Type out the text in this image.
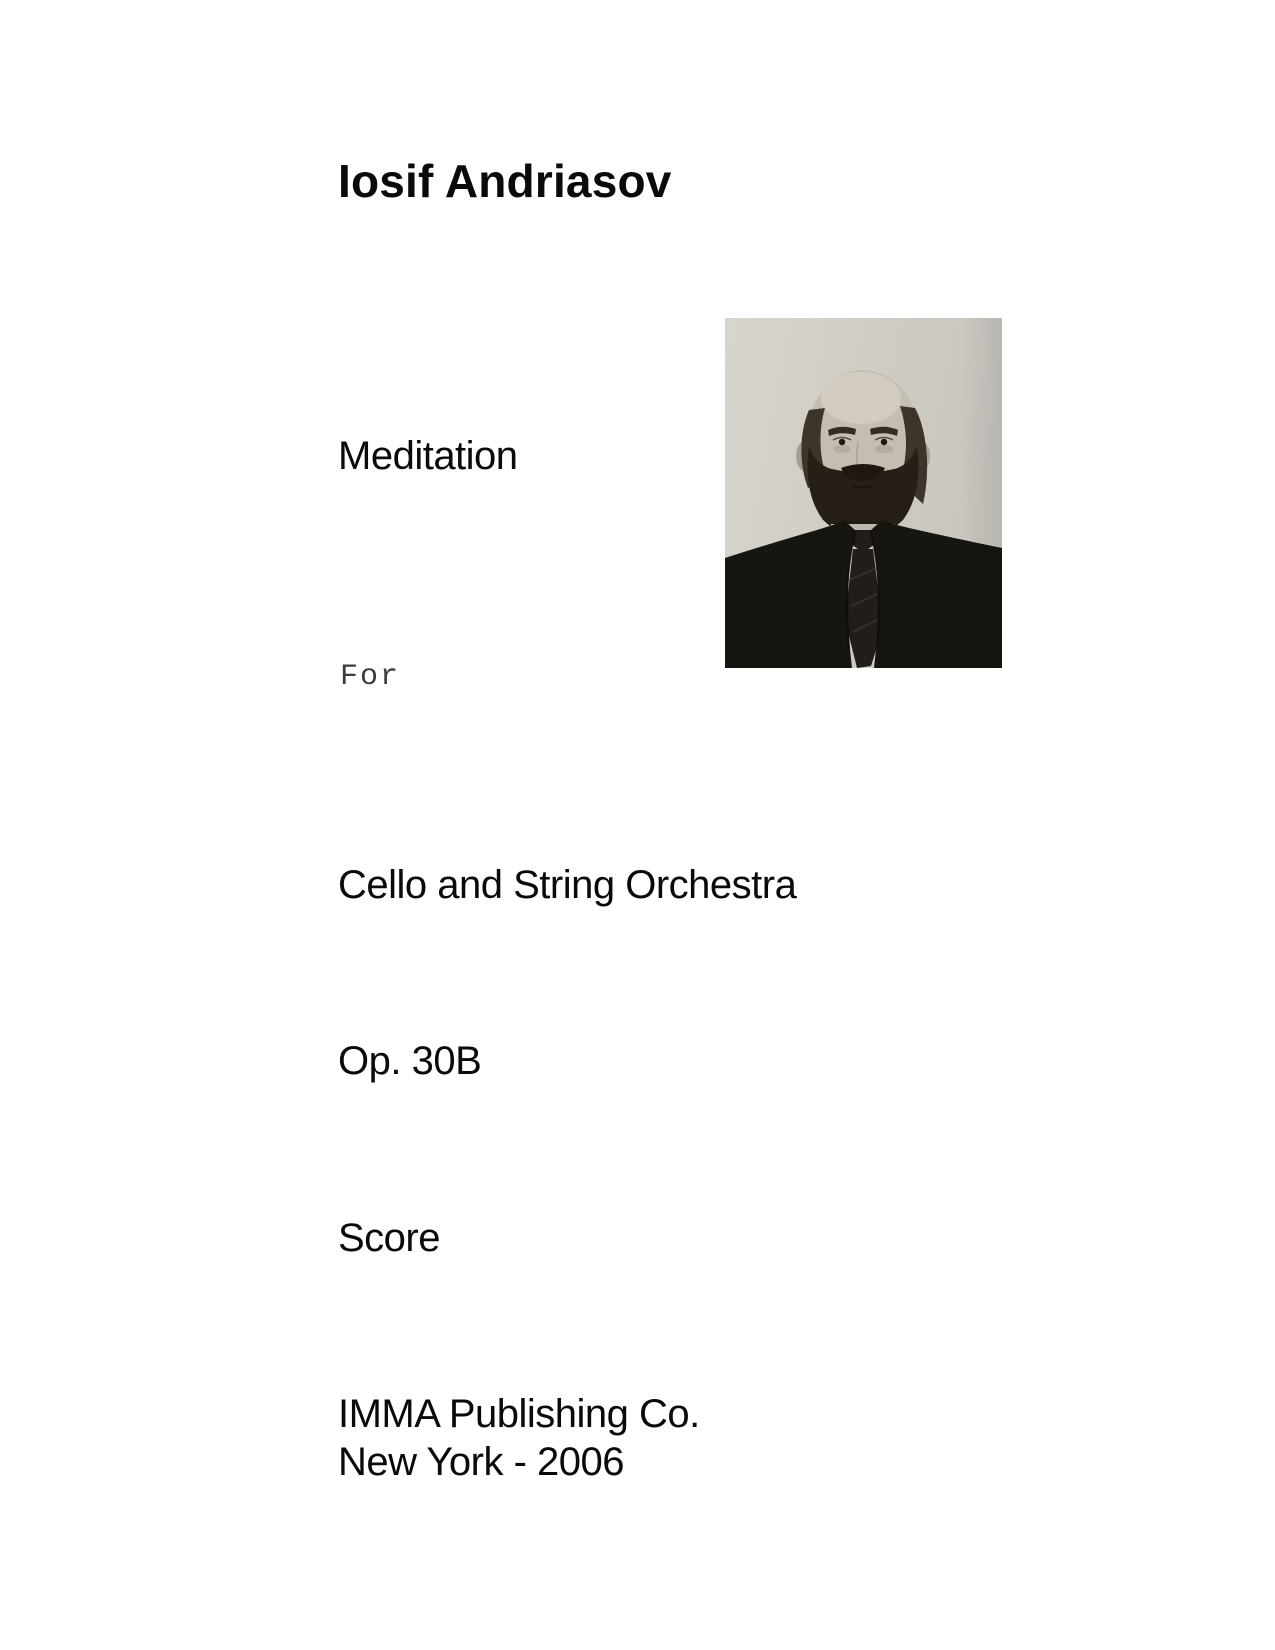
Iosif Andriasov
Meditation
For
Cello and String Orchestra
Op. 30B
Score
IMMA Publishing Co.
New York - 2006
